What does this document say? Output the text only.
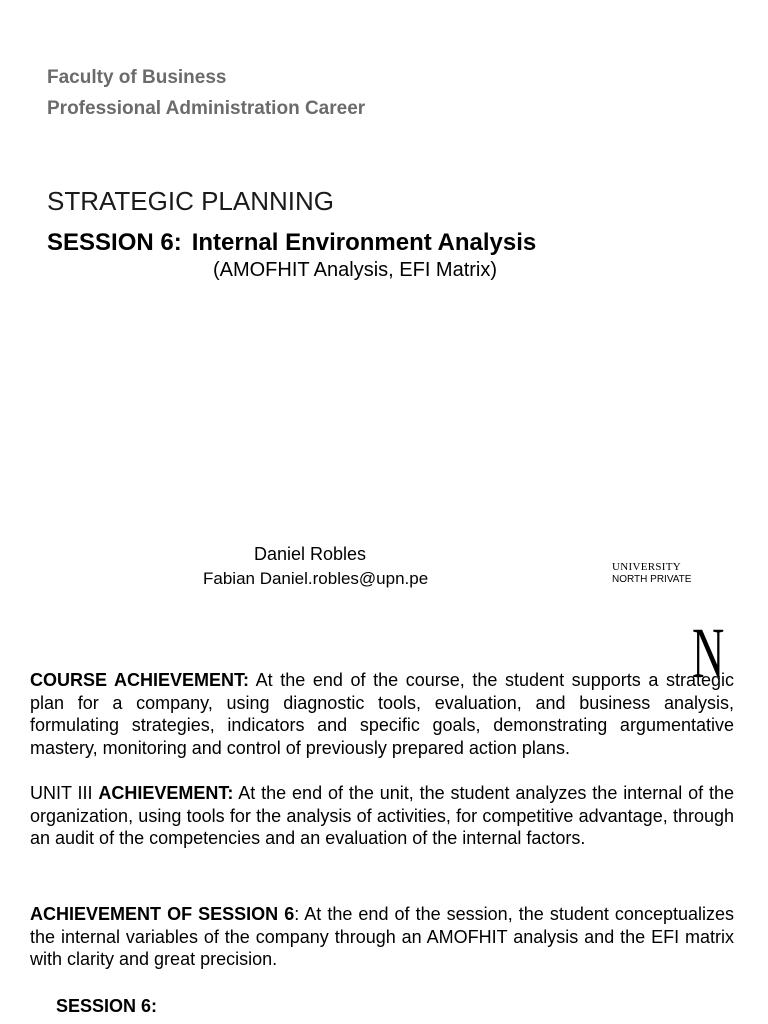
Faculty of Business
Professional Administration Career
STRATEGIC PLANNING
SESSION 6: Internal Environment Analysis
(AMOFHIT Analysis, EFI Matrix)
Daniel Robles
Fabian Daniel.robles@upn.pe
UNIVERSITY
NORTH PRIVATE
N
COURSE ACHIEVEMENT: At the end of the course, the student supports a strategic plan for a company, using diagnostic tools, evaluation, and business analysis, formulating strategies, indicators and specific goals, demonstrating argumentative mastery, monitoring and control of previously prepared action plans.
UNIT III ACHIEVEMENT: At the end of the unit, the student analyzes the internal of the organization, using tools for the analysis of activities, for competitive advantage, through an audit of the competencies and an evaluation of the internal factors.
ACHIEVEMENT OF SESSION 6: At the end of the session, the student conceptualizes the internal variables of the company through an AMOFHIT analysis and the EFI matrix with clarity and great precision.
SESSION 6:
